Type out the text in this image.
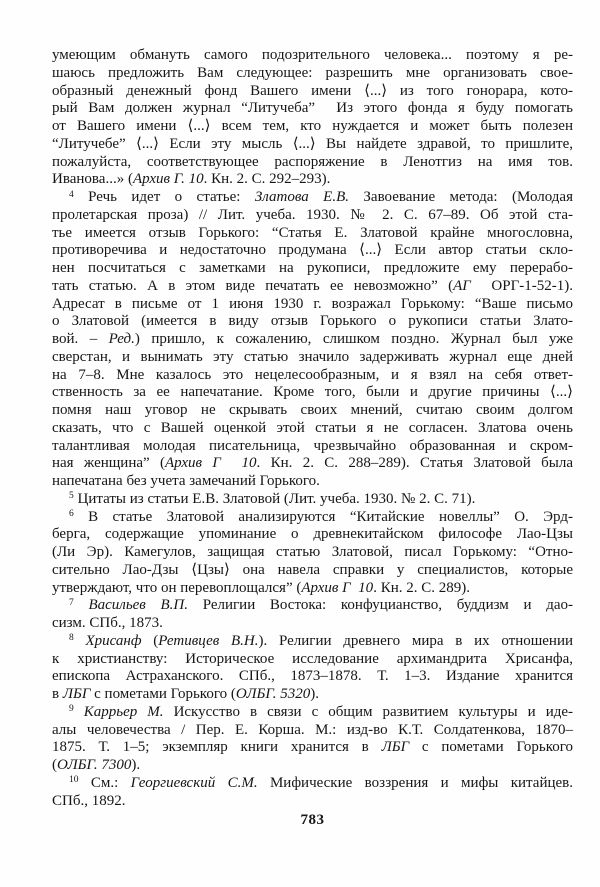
умеющим обмануть самого подозрительного человека... поэтому я ре-
шаюсь предложить Вам следующее: разрешить мне организовать свое-
образный денежный фонд Вашего имени ⟨...⟩ из того гонорара, кото-
рый Вам должен журнал “Литучеба”  Из этого фонда я буду помогать
от Вашего имени ⟨...⟩ всем тем, кто нуждается и может быть полезен
“Литучебе” ⟨...⟩ Если эту мысль ⟨...⟩ Вы найдете здравой, то пришлите,
пожалуйста, соответствующее распоряжение в Ленотгиз на имя тов.
Иванова...» (Архив Г. 10. Кн. 2. С. 292–293).
$^4$ Речь идет о статье: Златова Е.В. Завоевание метода: (Молодая
пролетарская проза) // Лит. учеба. 1930. № 2. С. 67–89. Об этой ста-
тье имеется отзыв Горького: “Статья Е. Златовой крайне многословна,
противоречива и недостаточно продумана ⟨...⟩ Если автор статьи скло-
нен посчитаться с заметками на рукописи, предложите ему перерабо-
тать статью. А в этом виде печатать ее невозможно” (АГ  ОРГ-1-52-1).
Адресат в письме от 1 июня 1930 г. возражал Горькому: “Ваше письмо
о Златовой (имеется в виду отзыв Горького о рукописи статьи Злато-
вой. – Ред.) пришло, к сожалению, слишком поздно. Журнал был уже
сверстан, и вынимать эту статью значило задерживать журнал еще дней
на 7–8. Мне казалось это нецелесообразным, и я взял на себя ответ-
ственность за ее напечатание. Кроме того, были и другие причины ⟨...⟩
помня наш уговор не скрывать своих мнений, считаю своим долгом
сказать, что с Вашей оценкой этой статьи я не согласен. Златова очень
талантливая молодая писательница, чрезвычайно образованная и скром-
ная женщина” (Архив Г  10. Кн. 2. С. 288–289). Статья Златовой была
напечатана без учета замечаний Горького.
$^5$ Цитаты из статьи Е.В. Златовой (Лит. учеба. 1930. № 2. С. 71).
$^6$ В статье Златовой анализируются “Китайские новеллы” О. Эрд-
берга, содержащие упоминание о древнекитайском философе Лао-Цзы
(Ли Эр). Камегулов, защищая статью Златовой, писал Горькому: “Отно-
сительно Лао-Дзы ⟨Цзы⟩ она навела справки у специалистов, которые
утверждают, что он перевоплощался” (Архив Г  10. Кн. 2. С. 289).
$^7$ Васильев В.П. Религии Востока: конфуцианство, буддизм и дао-
сизм. СПб., 1873.
$^8$ Хрисанф (Ретивцев В.Н.). Религии древнего мира в их отношении
к христианству: Историческое исследование архимандрита Хрисанфа,
епископа Астраханского. СПб., 1873–1878. Т. 1–3. Издание хранится
в ЛБГ с пометами Горького (ОЛБГ. 5320).
$^9$ Каррьер М. Искусство в связи с общим развитием культуры и иде-
алы человечества / Пер. Е. Корша. М.: изд-во К.Т. Солдатенкова, 1870–
1875. Т. 1–5; экземпляр книги хранится в ЛБГ с пометами Горького
(ОЛБГ. 7300).
$^{10}$ См.: Георгиевский С.М. Мифические воззрения и мифы китайцев.
СПб., 1892.
783
